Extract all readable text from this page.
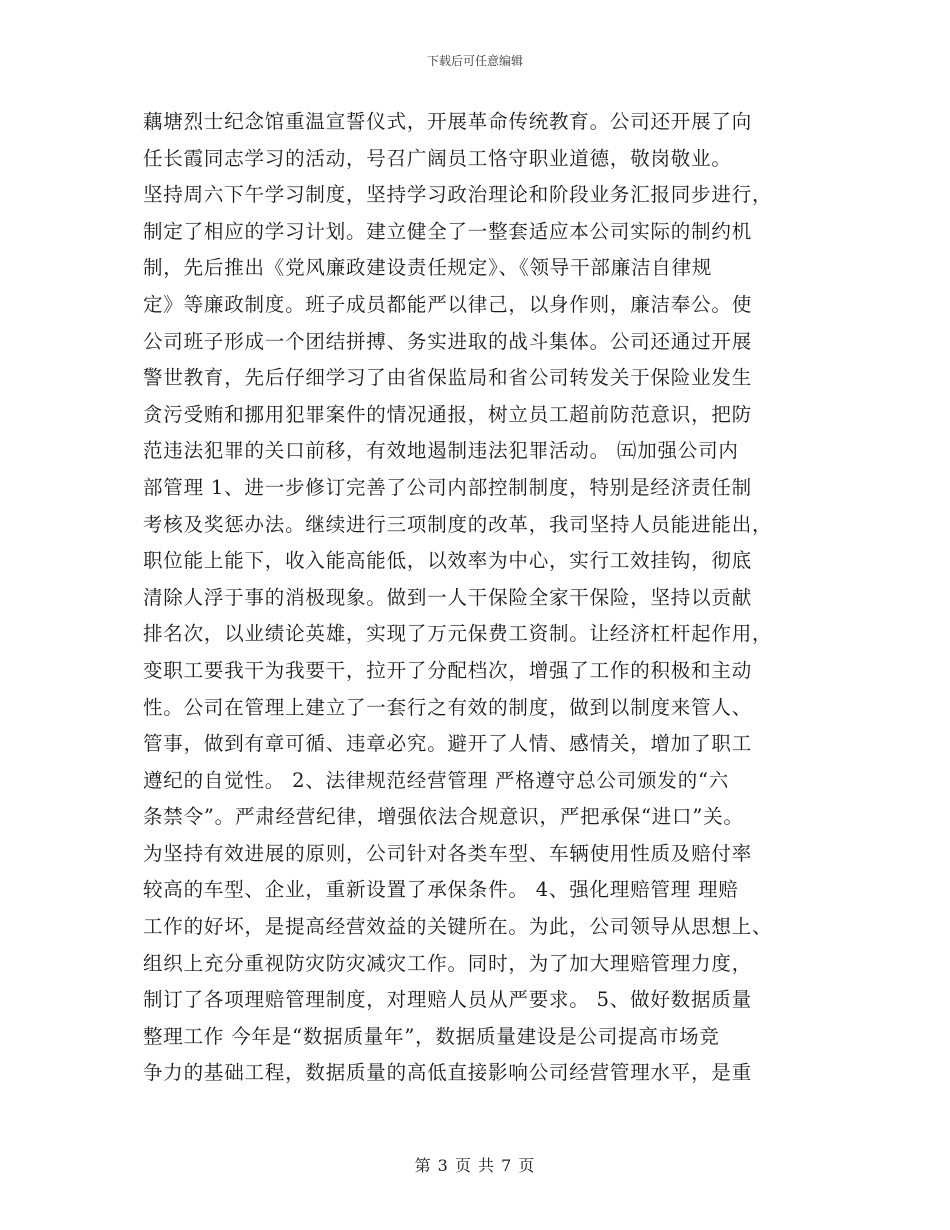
下载后可任意编辑
藕塘烈士纪念馆重温宣誓仪式，开展革命传统教育。公司还开展了向
任长霞同志学习的活动，号召广阔员工恪守职业道德，敬岗敬业。
坚持周六下午学习制度，坚持学习政治理论和阶段业务汇报同步进行，
制定了相应的学习计划。建立健全了一整套适应本公司实际的制约机
制，先后推出《党风廉政建设责任规定》、《领导干部廉洁自律规
定》等廉政制度。班子成员都能严以律己，以身作则，廉洁奉公。使
公司班子形成一个团结拼搏、务实进取的战斗集体。公司还通过开展
警世教育，先后仔细学习了由省保监局和省公司转发关于保险业发生
贪污受贿和挪用犯罪案件的情况通报，树立员工超前防范意识，把防
范违法犯罪的关口前移，有效地遏制违法犯罪活动。 ㈤加强公司内
部管理 1、进一步修订完善了公司内部控制制度，特别是经济责任制
考核及奖惩办法。继续进行三项制度的改革，我司坚持人员能进能出，
职位能上能下，收入能高能低，以效率为中心，实行工效挂钩，彻底
清除人浮于事的消极现象。做到一人干保险全家干保险，坚持以贡献
排名次，以业绩论英雄，实现了万元保费工资制。让经济杠杆起作用，
变职工要我干为我要干，拉开了分配档次，增强了工作的积极和主动
性。公司在管理上建立了一套行之有效的制度，做到以制度来管人、
管事，做到有章可循、违章必究。避开了人情、感情关，增加了职工
遵纪的自觉性。 2、法律规范经营管理 严格遵守总公司颁发的“六
条禁令”。严肃经营纪律，增强依法合规意识，严把承保“进口”关。
为坚持有效进展的原则，公司针对各类车型、车辆使用性质及赔付率
较高的车型、企业，重新设置了承保条件。 4、强化理赔管理 理赔
工作的好坏，是提高经营效益的关键所在。为此，公司领导从思想上、
组织上充分重视防灾防灾减灾工作。同时，为了加大理赔管理力度，
制订了各项理赔管理制度，对理赔人员从严要求。 5、做好数据质量
整理工作 今年是“数据质量年”，数据质量建设是公司提高市场竞
争力的基础工程，数据质量的高低直接影响公司经营管理水平，是重
第 3 页 共 7 页
